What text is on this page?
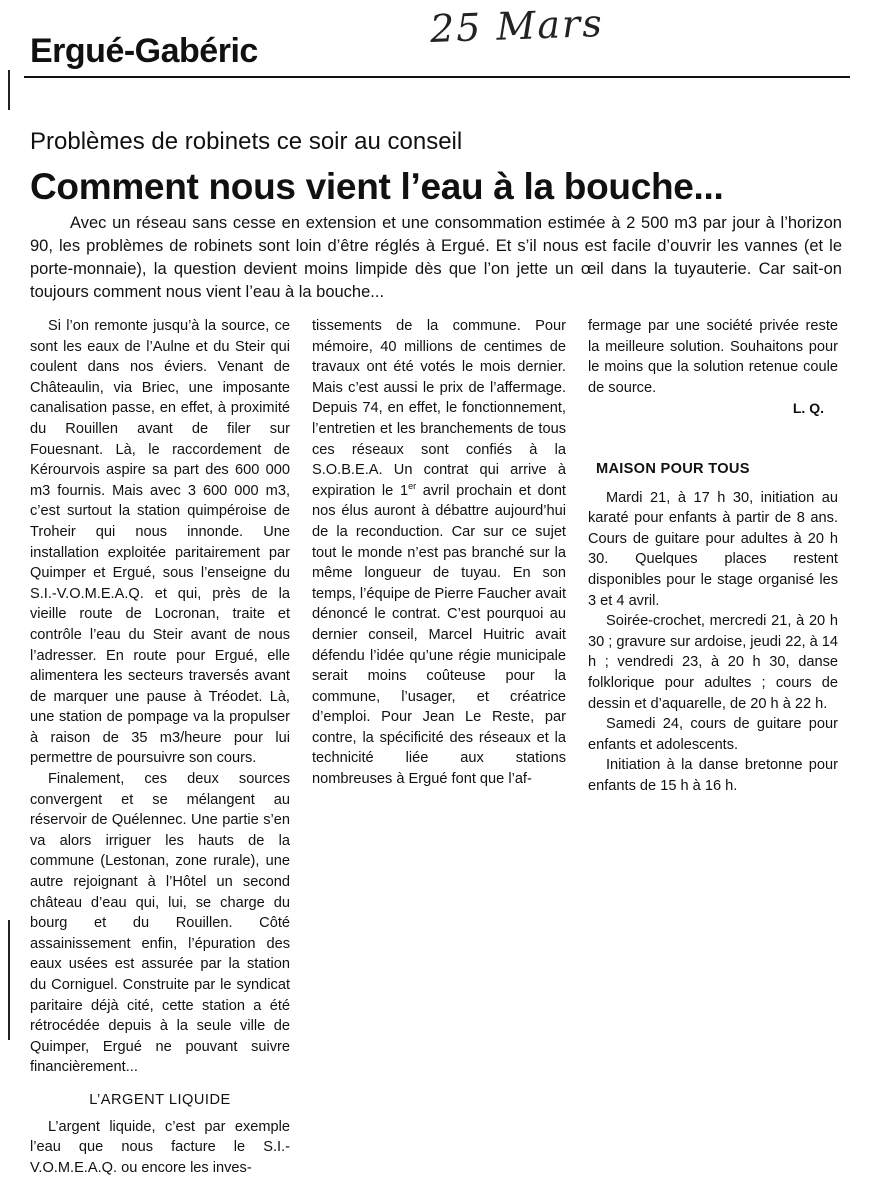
25 Mars
Ergué-Gabéric
Problèmes de robinets ce soir au conseil
Comment nous vient l’eau à la bouche...

Avec un réseau sans cesse en extension et une consommation estimée à 2 500 m3 par jour à l’horizon 90, les problèmes de robinets sont loin d’être réglés à Ergué. Et s’il nous est facile d’ouvrir les vannes (et le porte-monnaie), la question devient moins limpide dès que l’on jette un œil dans la tuyauterie. Car sait-on toujours comment nous vient l’eau à la bouche...

Si l’on remonte jusqu’à la source, ce sont les eaux de l’Aulne et du Steir qui coulent dans nos éviers. Venant de Châteaulin, via Briec, une imposante canalisation passe, en effet, à proximité du Rouillen avant de filer sur Fouesnant. Là, le raccordement de Kérourvois aspire sa part des 600 000 m3 fournis. Mais avec 3 600 000 m3, c’est surtout la station quimpéroise de Troheir qui nous innonde. Une installation exploitée paritairement par Quimper et Ergué, sous l’enseigne du S.I.-V.O.M.E.A.Q. et qui, près de la vieille route de Locronan, traite et contrôle l’eau du Steir avant de nous l’adresser. En route pour Ergué, elle alimentera les secteurs traversés avant de marquer une pause à Tréodet. Là, une station de pompage va la propulser à raison de 35 m3/heure pour lui permettre de poursuivre son cours.

Finalement, ces deux sources convergent et se mélangent au réservoir de Quélennec. Une partie s’en va alors irriguer les hauts de la commune (Lestonan, zone rurale), une autre rejoignant à l’Hôtel un second château d’eau qui, lui, se charge du bourg et du Rouillen. Côté assainissement enfin, l’épuration des eaux usées est assurée par la station du Corniguel. Construite par le syndicat paritaire déjà cité, cette station a été rétrocédée depuis à la seule ville de Quimper, Ergué ne pouvant suivre financièrement...

L’ARGENT LIQUIDE

L’argent liquide, c’est par exemple l’eau que nous facture le S.I.-V.O.M.E.A.Q. ou encore les inves-

tissements de la commune. Pour mémoire, 40 millions de centimes de travaux ont été votés le mois dernier. Mais c’est aussi le prix de l’affermage. Depuis 74, en effet, le fonctionnement, l’entretien et les branchements de tous ces réseaux sont confiés à la S.O.B.E.A. Un contrat qui arrive à expiration le 1er avril prochain et dont nos élus auront à débattre aujourd’hui de la reconduction. Car sur ce sujet tout le monde n’est pas branché sur la même longueur de tuyau. En son temps, l’équipe de Pierre Faucher avait dénoncé le contrat. C’est pourquoi au dernier conseil, Marcel Huitric avait défendu l’idée qu’une régie municipale serait moins coûteuse pour la commune, l’usager, et créatrice d’emploi. Pour Jean Le Reste, par contre, la spécificité des réseaux et la technicité liée aux stations nombreuses à Ergué font que l’af-

fermage par une société privée reste la meilleure solution. Souhaitons pour le moins que la solution retenue coule de source.

L. Q.
MAISON POUR TOUS

Mardi 21, à 17 h 30, initiation au karaté pour enfants à partir de 8 ans. Cours de guitare pour adultes à 20 h 30. Quelques places restent disponibles pour le stage organisé les 3 et 4 avril.

Soirée-crochet, mercredi 21, à 20 h 30 ; gravure sur ardoise, jeudi 22, à 14 h ; vendredi 23, à 20 h 30, danse folklorique pour adultes ; cours de dessin et d’aquarelle, de 20 h à 22 h.

Samedi 24, cours de guitare pour enfants et adolescents.

Initiation à la danse bretonne pour enfants de 15 h à 16 h.
